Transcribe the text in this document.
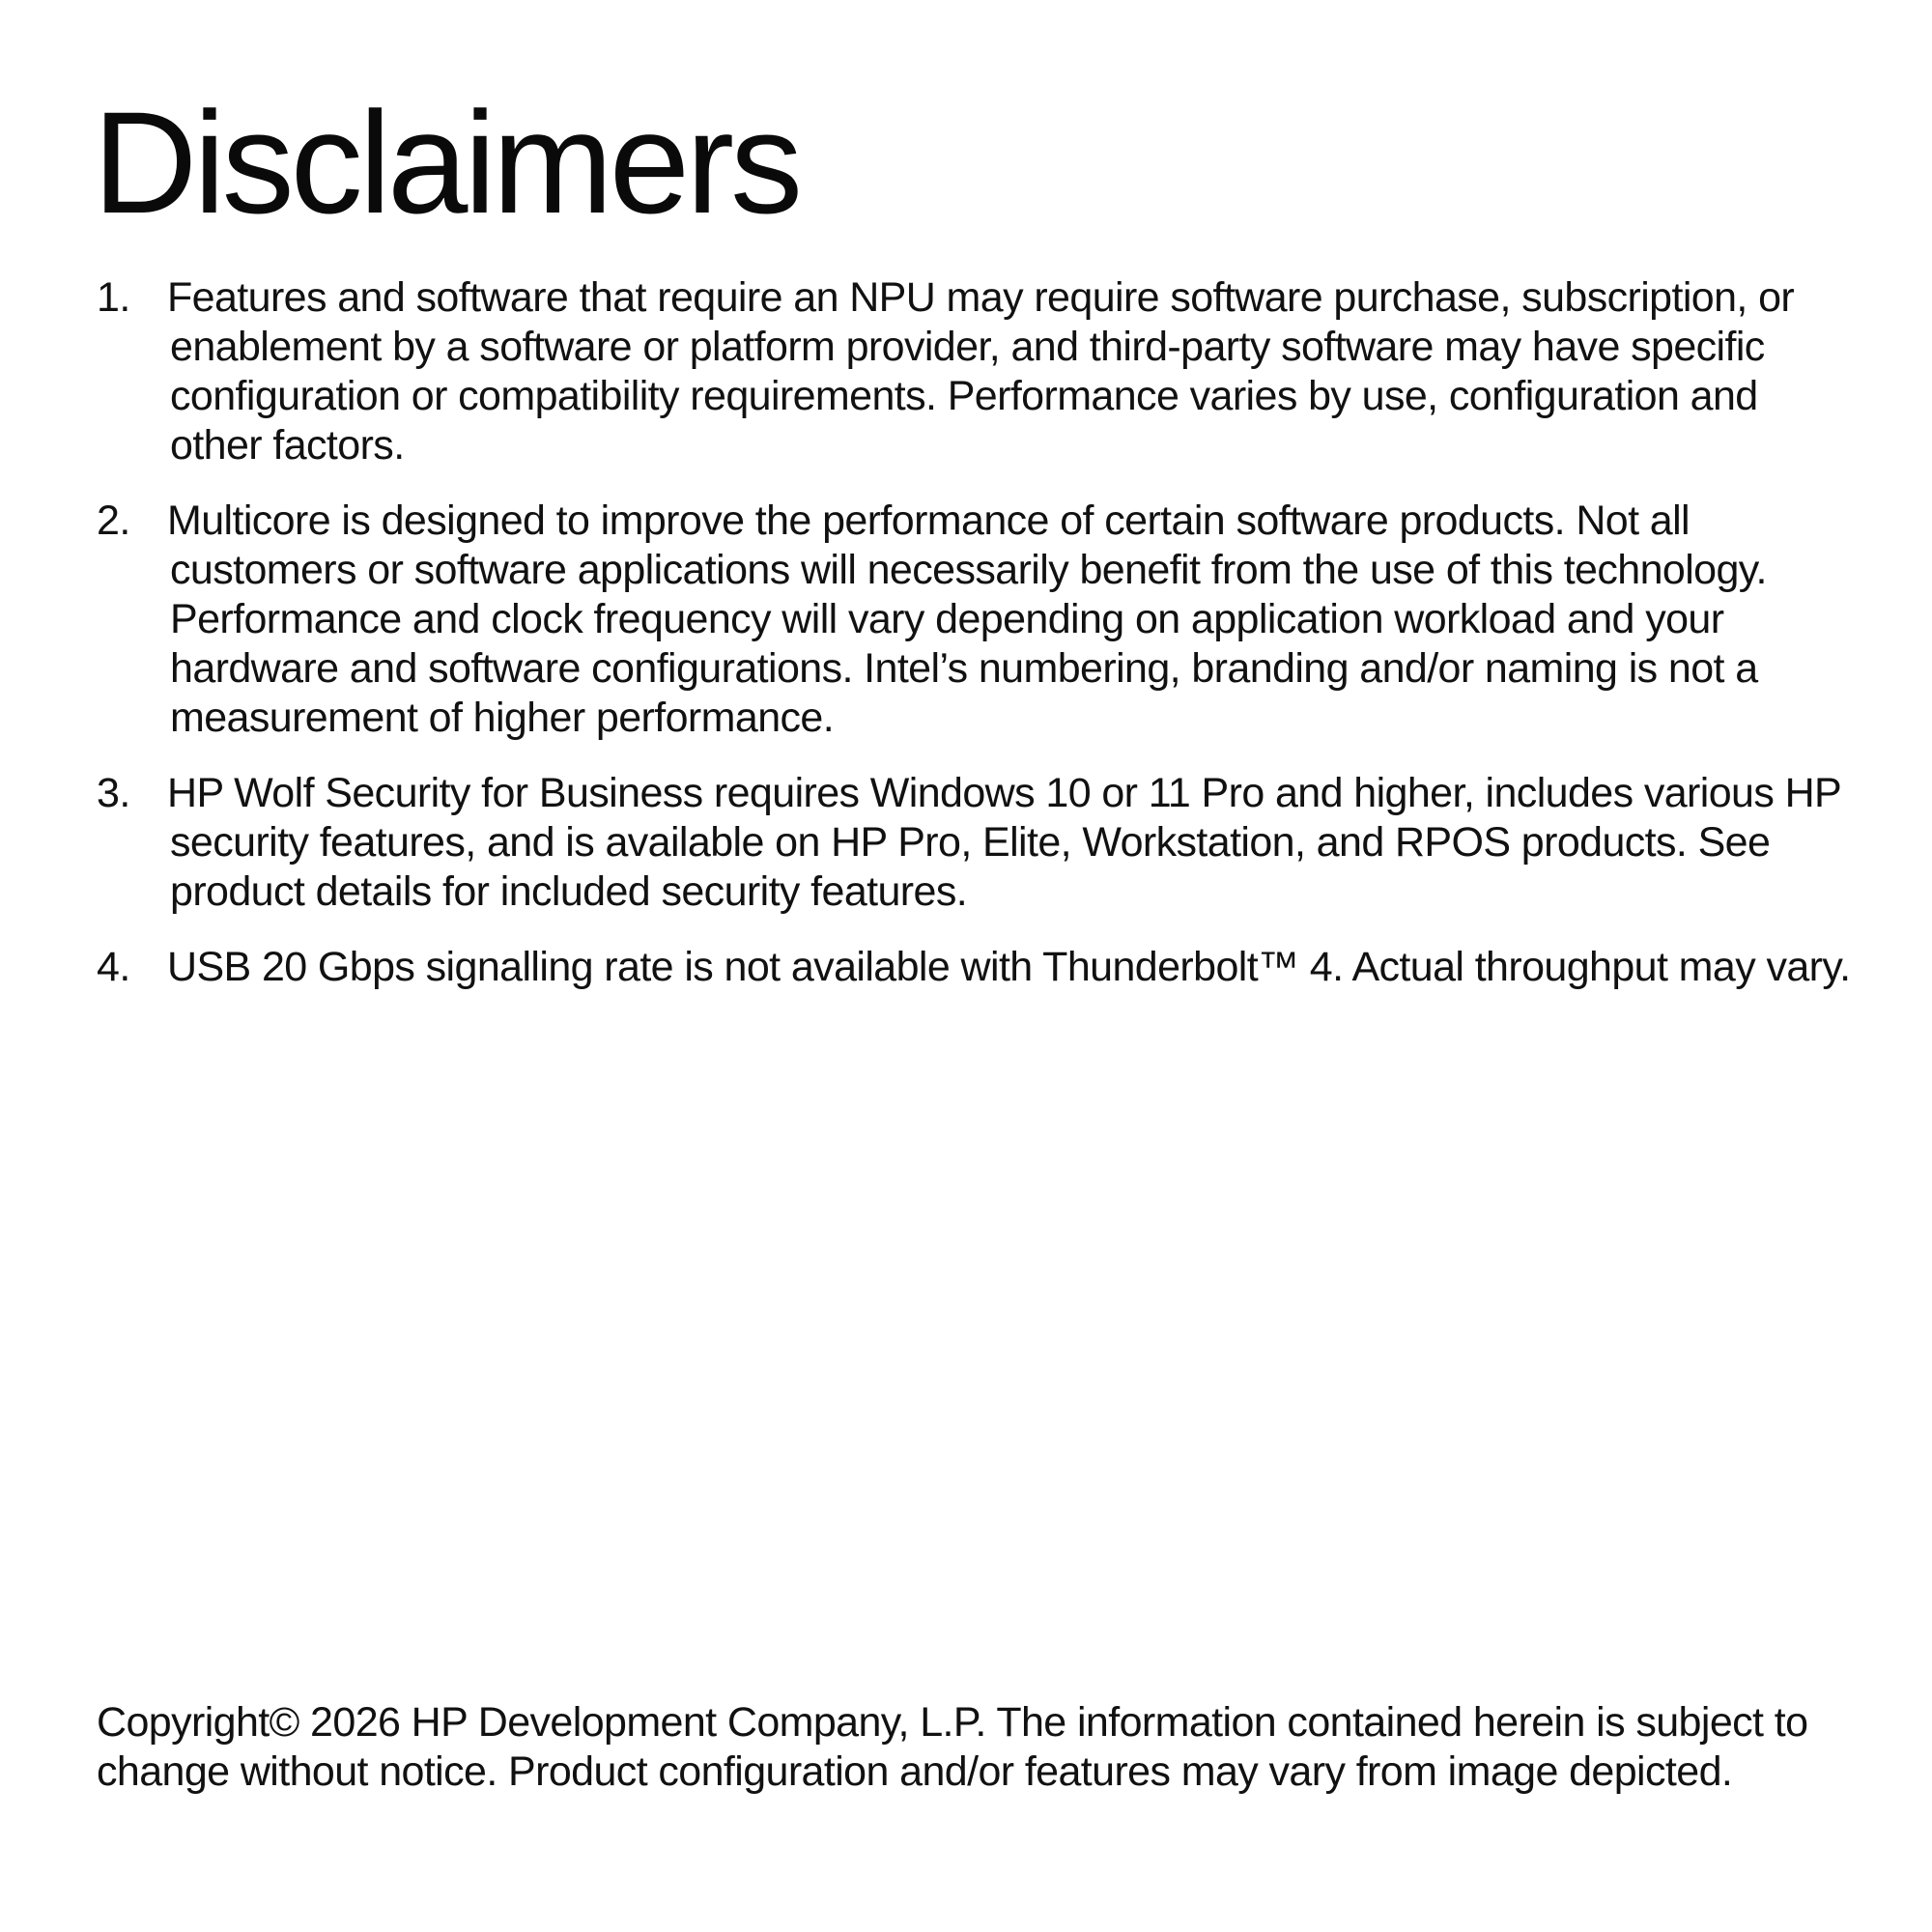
Disclaimers
1. Features and software that require an NPU may require software purchase, subscription, or enablement by a software or platform provider, and third-party software may have specific configuration or compatibility requirements. Performance varies by use, configuration and other factors.
2. Multicore is designed to improve the performance of certain software products. Not all customers or software applications will necessarily benefit from the use of this technology. Performance and clock frequency will vary depending on application workload and your hardware and software configurations. Intel’s numbering, branding and/or naming is not a measurement of higher performance.
3. HP Wolf Security for Business requires Windows 10 or 11 Pro and higher, includes various HP security features, and is available on HP Pro, Elite, Workstation, and RPOS products. See product details for included security features.
4. USB 20 Gbps signalling rate is not available with Thunderbolt™ 4. Actual throughput may vary.

Copyright© 2026 HP Development Company, L.P. The information contained herein is subject to change without notice. Product configuration and/or features may vary from image depicted.
